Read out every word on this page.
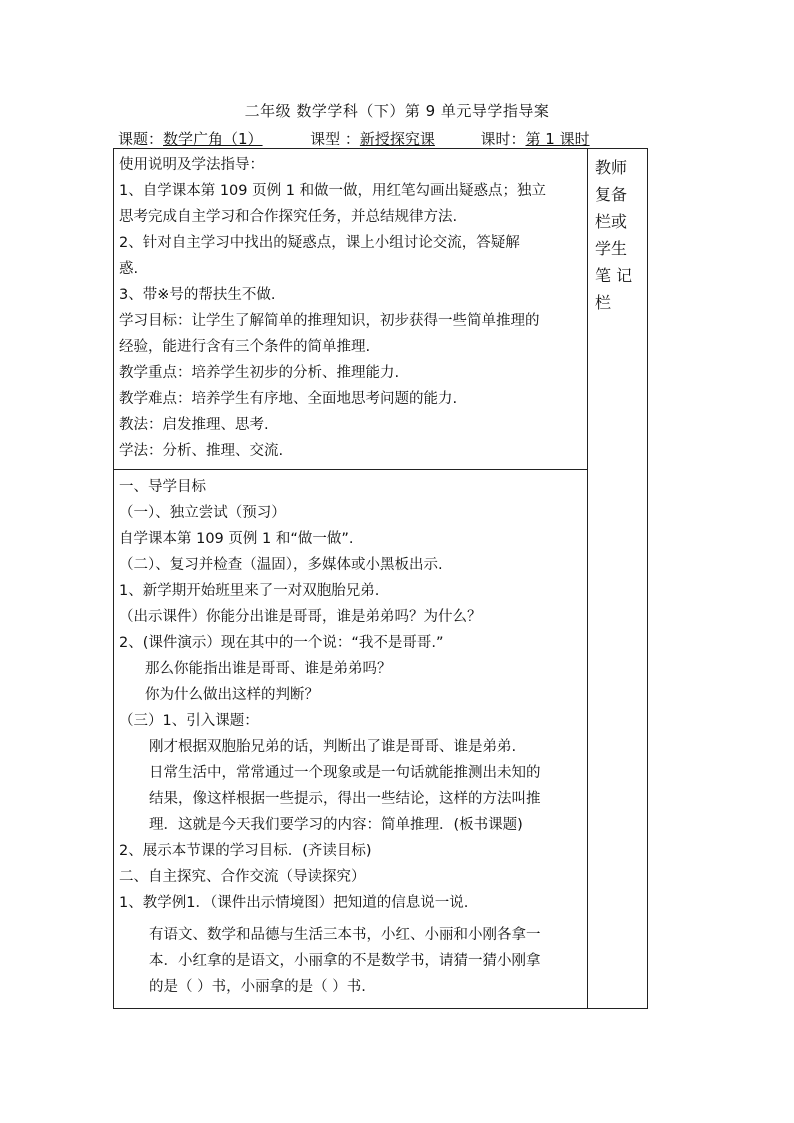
二年级 数学学科（下）第 9 单元导学指导案
课题：数学广角（1）	课型 ：新授探究课	课时：第 1 课时
教师
复备
栏或
学生
笔 记
栏
使用说明及学法指导：
1、自学课本第 109 页例 1 和做一做，用红笔勾画出疑惑点；独立
思考完成自主学习和合作探究任务，并总结规律方法.
2、针对自主学习中找出的疑惑点，课上小组讨论交流，答疑解
惑.
3、带※号的帮扶生不做.
学习目标：让学生了解简单的推理知识，初步获得一些简单推理的
经验，能进行含有三个条件的简单推理.
教学重点：培养学生初步的分析、推理能力.
教学难点：培养学生有序地、全面地思考问题的能力.
教法：启发推理、思考.
学法：分析、推理、交流.
一、导学目标
（一）、独立尝试（预习）
自学课本第 109 页例 1 和“做一做”.
（二）、复习并检查（温固），多媒体或小黑板出示.
1、新学期开始班里来了一对双胞胎兄弟.
（出示课件）你能分出谁是哥哥，谁是弟弟吗？为什么？
2、(课件演示）现在其中的一个说：“我不是哥哥.”
那么你能指出谁是哥哥、谁是弟弟吗？
你为什么做出这样的判断？
（三）1、引入课题：
刚才根据双胞胎兄弟的话，判断出了谁是哥哥、谁是弟弟.
日常生活中，常常通过一个现象或是一句话就能推测出未知的
结果，像这样根据一些提示，得出一些结论，这样的方法叫推
理．这就是今天我们要学习的内容：简单推理．(板书课题)
2、展示本节课的学习目标．(齐读目标)
二、自主探究、合作交流（导读探究）
1、教学例1．（课件出示情境图）把知道的信息说一说.
有语文、数学和品德与生活三本书，小红、小丽和小刚各拿一
本．小红拿的是语文，小丽拿的不是数学书，请猜一猜小刚拿
的是（ ）书，小丽拿的是（ ）书.
